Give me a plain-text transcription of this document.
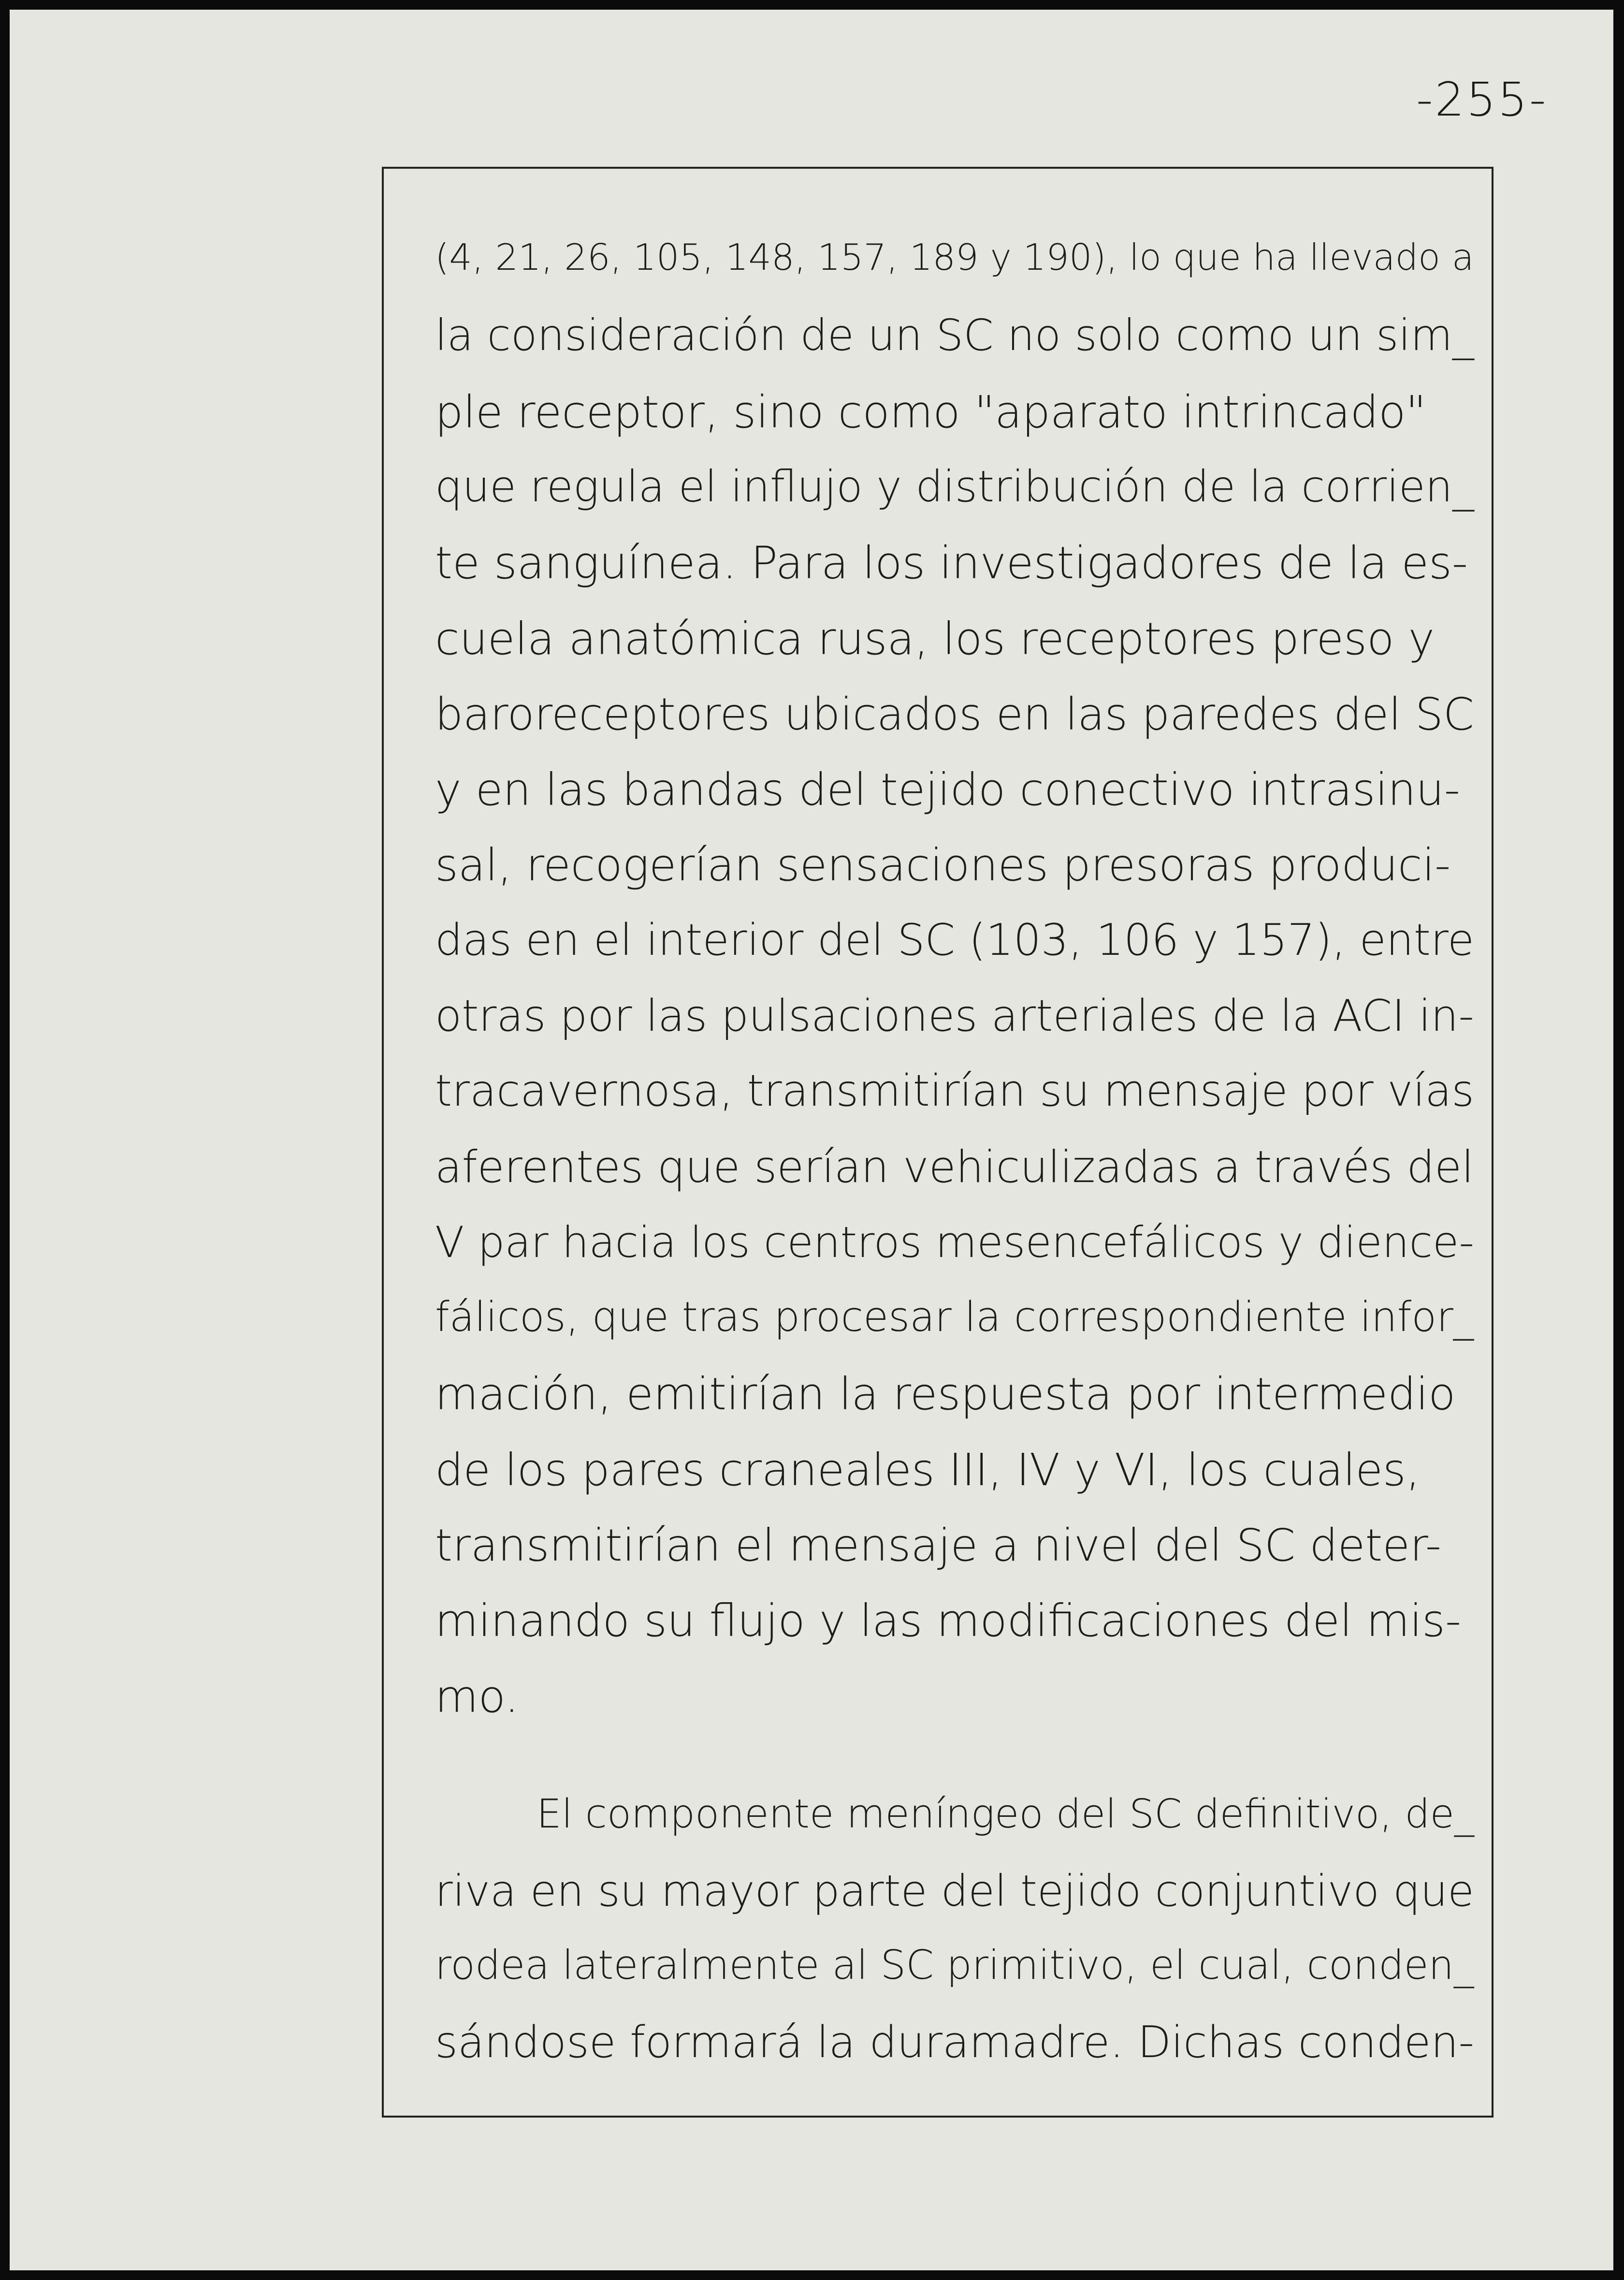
-255-
(4, 21, 26, 105, 148, 157, 189 y 190), lo que ha llevado a
la consideración de un SC no solo como un sim_
ple receptor, sino como "aparato intrincado"
que regula el influjo y distribución de la corrien_
te sanguínea. Para los investigadores de la es-
cuela anatómica rusa, los receptores preso y
baroreceptores ubicados en las paredes del SC
y en las bandas del tejido conectivo intrasinu-
sal, recogerían sensaciones presoras produci-
das en el interior del SC (103, 106 y 157), entre
otras por las pulsaciones arteriales de la ACI in-
tracavernosa, transmitirían su mensaje por vías
aferentes que serían vehiculizadas a través del
V par hacia los centros mesencefálicos y dience-
fálicos, que tras procesar la correspondiente infor_
mación, emitirían la respuesta por intermedio
de los pares craneales III, IV y VI, los cuales,
transmitirían el mensaje a nivel del SC deter-
minando su flujo y las modificaciones del mis-
mo.
El componente meníngeo del SC definitivo, de_
riva en su mayor parte del tejido conjuntivo que
rodea lateralmente al SC primitivo, el cual, conden_
sándose formará la duramadre. Dichas conden-
